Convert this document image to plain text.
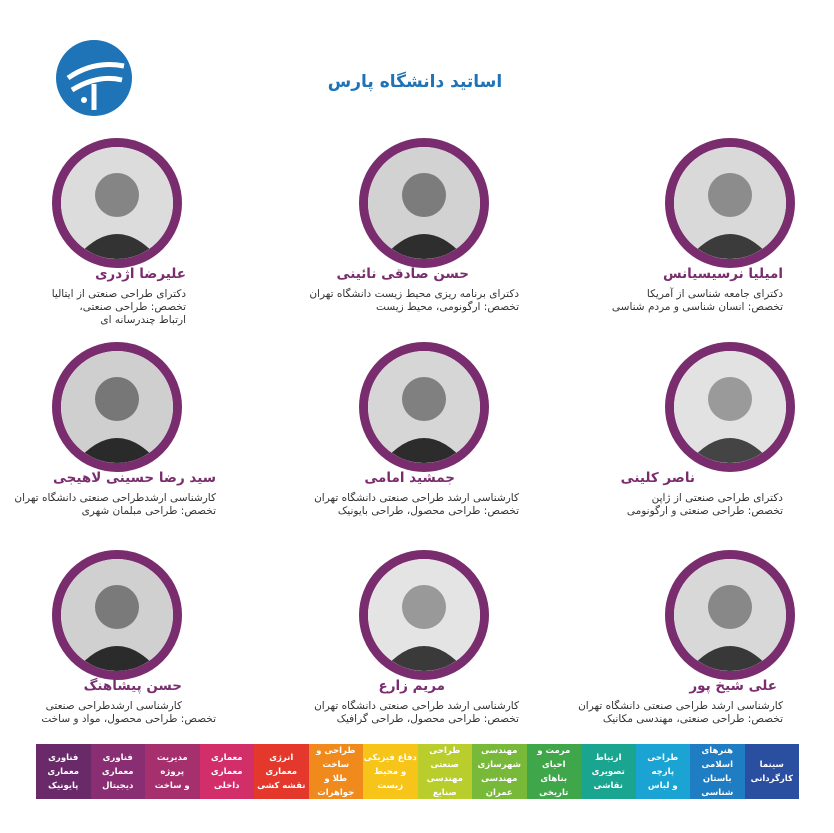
اساتید دانشگاه پارس
امیلیا نرسیسیانس
دکترای جامعه شناسی از آمریکا
تخصص: انسان شناسی و مردم شناسی
حسن صادقی نائینی
دکترای برنامه ریزی محیط زیست دانشگاه تهران
تخصص: ارگونومی، محیط زیست
علیرضا اژدری
دکترای طراحی صنعتی از ایتالیا
تخصص: طراحی صنعتی،
ارتباط چندرسانه ای
ناصر کلینی
دکترای طراحی صنعتی از ژاپن
تخصص: طراحی صنعتی و ارگونومی
جمشید امامی
کارشناسی ارشد طراحی صنعتی دانشگاه تهران
تخصص: طراحی محصول، طراحی بایونیک
سید رضا حسینی لاهیجی
کارشناسی ارشدطراحی صنعتی دانشگاه تهران
تخصص: طراحی مبلمان شهری
علی شیخ پور
کارشناسی ارشد طراحی صنعتی دانشگاه تهران
تخصص: طراحی صنعتی، مهندسی مکانیک
مریم زارع
کارشناسی ارشد طراحی صنعتی دانشگاه تهران
تخصص: طراحی محصول، طراحی گرافیک
حسن پیشاهنگ
کارشناسی ارشدطراحی صنعتی
تخصص: طراحی محصول، مواد و ساخت
فناوری معماری
پایونیک
فناوری معماری
دیجیتال
مدیریت پروژه
و ساخت
معماری
معماری داخلی
انرژی معماری
نقشه کشی
طراحی و ساخت
طلا و جواهرات
دفاع فیزیکی
و محیط زیست
طراحی صنعتی
مهندسی صنایع
مهندسی شهرسازی
مهندسی عمران
مرمت و احیای
بناهای تاریخی
ارتباط تصویری
نقاشی
طراحی پارچه
و لباس
هنرهای اسلامی
باستان شناسی
سینما
کارگردانی
